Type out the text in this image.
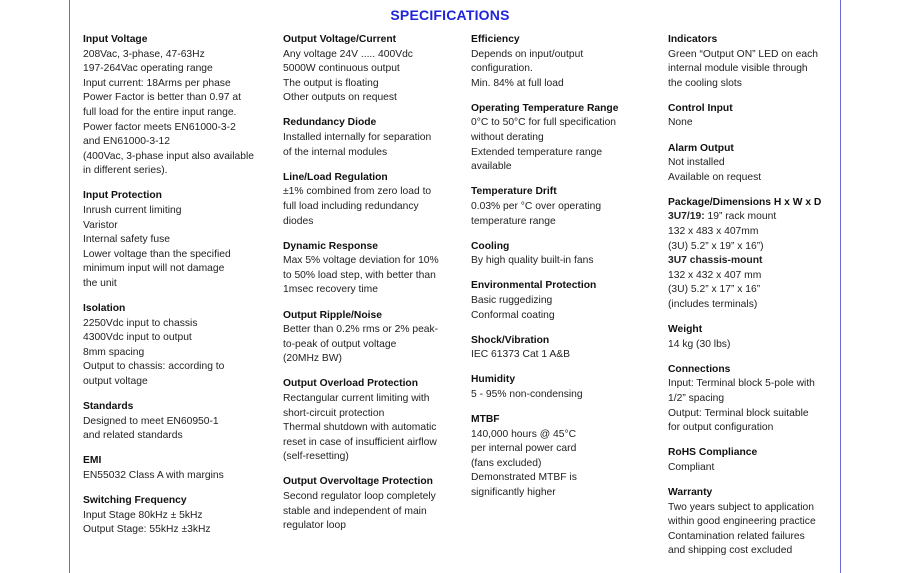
SPECIFICATIONS
Input Voltage
208Vac, 3-phase, 47-63Hz
197-264Vac operating range
Input current: 18Arms per phase
Power Factor is better than 0.97 at
full load for the entire input range.
Power factor meets EN61000-3-2
and EN61000-3-12
(400Vac, 3-phase input also available
in different series).
Input Protection
Inrush current limiting
Varistor
Internal safety fuse
Lower voltage than the specified
minimum input will not damage
the unit
Isolation
2250Vdc input to chassis
4300Vdc input to output
8mm spacing
Output to chassis: according to
output voltage
Standards
Designed to meet EN60950-1
and related standards
EMI
EN55032 Class A with margins
Switching Frequency
Input Stage 80kHz ± 5kHz
Output Stage: 55kHz ±3kHz
Output Voltage/Current
Any voltage 24V ..... 400Vdc
5000W continuous output
The output is floating
Other outputs on request
Redundancy Diode
Installed internally for separation
of the internal modules
Line/Load Regulation
±1% combined from zero load to
full load including redundancy
diodes
Dynamic Response
Max 5% voltage deviation for 10%
to 50% load step, with better than
1msec recovery time
Output Ripple/Noise
Better than 0.2% rms or 2% peak-
to-peak of output voltage
(20MHz BW)
Output Overload Protection
Rectangular current limiting with
short-circuit protection
Thermal shutdown with automatic
reset in case of insufficient airflow
(self-resetting)
Output Overvoltage Protection
Second regulator loop completely
stable and independent of main
regulator loop
Efficiency
Depends on input/output
configuration.
Min. 84% at full load
Operating Temperature Range
0°C to 50°C for full specification
without derating
Extended temperature range
available
Temperature Drift
0.03% per °C over operating
temperature range
Cooling
By high quality built-in fans
Environmental Protection
Basic ruggedizing
Conformal coating
Shock/Vibration
IEC 61373 Cat 1 A&B
Humidity
5 - 95% non-condensing
MTBF
140,000 hours @ 45°C
per internal power card
(fans excluded)
Demonstrated MTBF is
significantly higher
Indicators
Green “Output ON” LED on each
internal module visible through
the cooling slots
Control Input
None
Alarm Output
Not installed
Available on request
Package/Dimensions H x W x D
3U7/19: 19” rack mount
132 x 483 x 407mm
(3U) 5.2” x 19” x 16”)
3U7 chassis-mount
132 x 432 x 407 mm
(3U) 5.2” x 17” x 16”
(includes terminals)
Weight
14 kg (30 lbs)
Connections
Input: Terminal block 5-pole with
1/2” spacing
Output: Terminal block suitable
for output configuration
RoHS Compliance
Compliant
Warranty
Two years subject to application
within good engineering practice
Contamination related failures
and shipping cost excluded
